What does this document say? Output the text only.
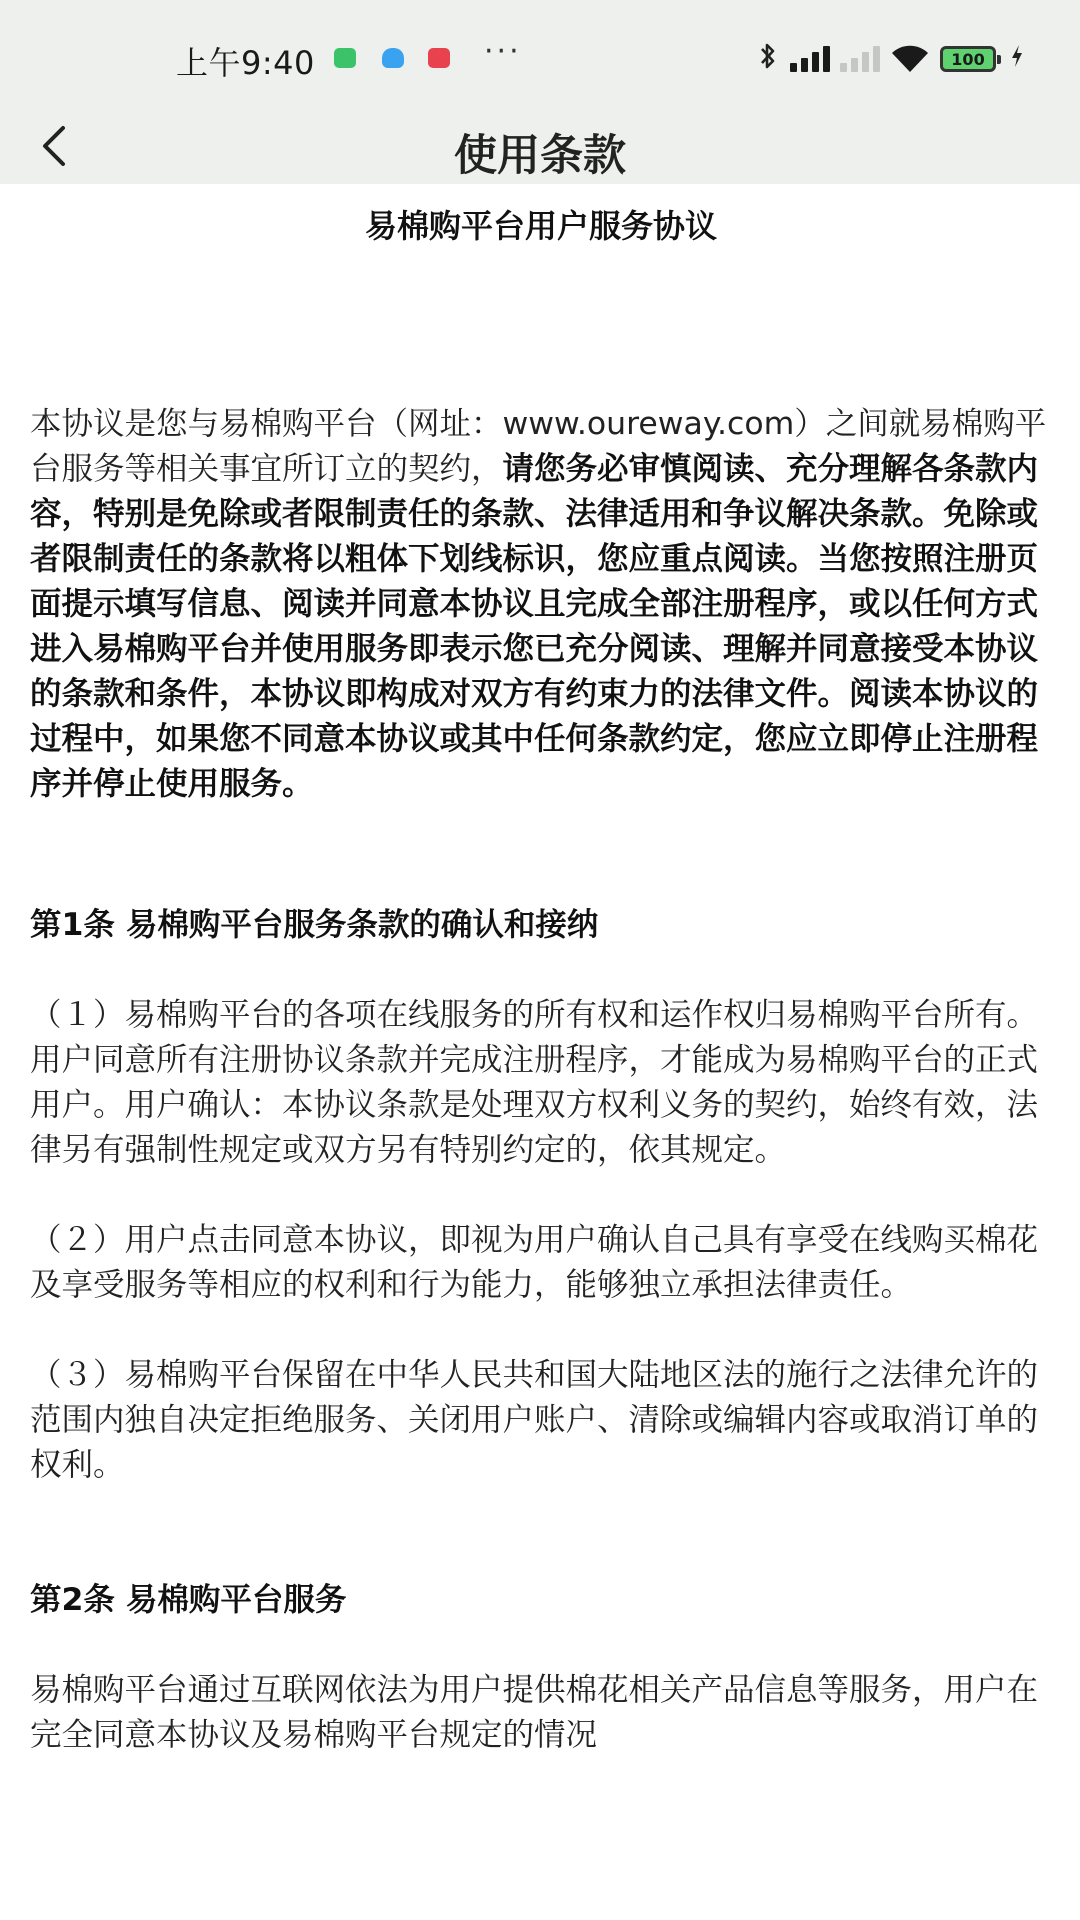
上午9:40	···	100
使用条款
易棉购平台用户服务协议

本协议是您与易棉购平台（网址：www.oureway.com）之间就易棉购平台服务等相关事宜所订立的契约，请您务必审慎阅读、充分理解各条款内容，特别是免除或者限制责任的条款、法律适用和争议解决条款。免除或者限制责任的条款将以粗体下划线标识，您应重点阅读。当您按照注册页面提示填写信息、阅读并同意本协议且完成全部注册程序，或以任何方式进入易棉购平台并使用服务即表示您已充分阅读、理解并同意接受本协议的条款和条件，本协议即构成对双方有约束力的法律文件。阅读本协议的过程中，如果您不同意本协议或其中任何条款约定，您应立即停止注册程序并停止使用服务。

第1条 易棉购平台服务条款的确认和接纳

（１）易棉购平台的各项在线服务的所有权和运作权归易棉购平台所有。用户同意所有注册协议条款并完成注册程序，才能成为易棉购平台的正式用户。用户确认：本协议条款是处理双方权利义务的契约，始终有效，法律另有强制性规定或双方另有特别约定的，依其规定。

（２）用户点击同意本协议，即视为用户确认自己具有享受在线购买棉花及享受服务等相应的权利和行为能力，能够独立承担法律责任。

（３）易棉购平台保留在中华人民共和国大陆地区法的施行之法律允许的范围内独自决定拒绝服务、关闭用户账户、清除或编辑内容或取消订单的权利。

第2条 易棉购平台服务

易棉购平台通过互联网依法为用户提供棉花相关产品信息等服务，用户在完全同意本协议及易棉购平台规定的情况
